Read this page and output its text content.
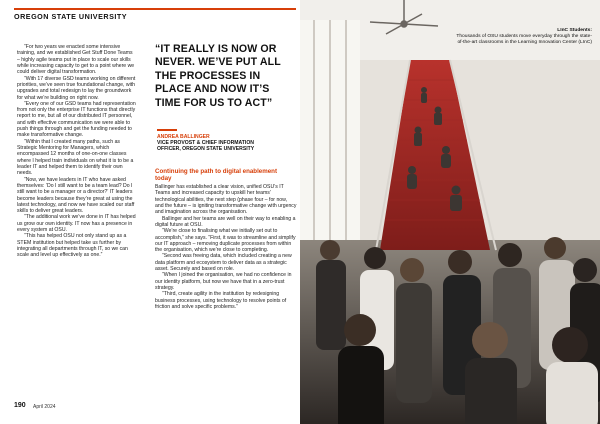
OREGON STATE UNIVERSITY

“For two years we enacted some intensive training, and we established Get Stuff Done Teams – highly agile teams put in place to scale our skills while increasing capacity to get to a point where we could deliver digital transformation.

“With 17 diverse GSD teams working on different priorities, we’ve seen true foundational change, with upgrades and total redesign to lay the groundwork for what we’re building on right now.

“Every one of our GSD teams had representation from not only the enterprise IT functions that directly report to me, but all of our distributed IT personnel, and with effective communication we were able to push things through and get the funding needed to make transformative change.

“Within that I created many paths, such as Strategic Mentoring for Managers, which encompassed 12 months of one-on-one classes where I helped train individuals on what it is to be a leader IT and helped them to identify their own needs.

“Now, we have leaders in IT who have asked themselves: ‘Do I still want to be a team lead? Do I still want to be a manager or a director?’ IT leaders become leaders because they’re great at using the latest technology, and now we have scaled our staff skills to deliver great leaders.

“The additional work we’ve done in IT has helped us grow our own identity. IT now has a presence in every system at OSU.

“This has helped OSU not only stand up as a STEM institution but helped take us further by integrating all departments through IT, so we can scale and level up effectively as one.”

“IT REALLY IS NOW OR NEVER. WE’VE PUT ALL THE PROCESSES IN PLACE AND NOW IT’S TIME FOR US TO ACT”
ANDREA BALLINGER
VICE PROVOST & CHIEF INFORMATION OFFICER, OREGON STATE UNIVERSITY
Continuing the path to digital enablement today

Ballinger has established a clear vision, unified OSU’s IT Teams and increased capacity to upskill her teams’ technological abilities, the next step (phase four – for now, and the future – is igniting transformative change with urgency and imagination across the organisation.

Ballinger and her teams are well on their way to enabling a digital future at OSU.

“We’re close to finalising what we initially set out to accomplish,” she says. “First, it was to streamline and simplify our IT approach – removing duplicate processes from within the organisation, which we’re close to completing.

“Second was freeing data, which included creating a new data platform and ecosystem to deliver data as a strategic asset. Securely and based on role.

“When I joined the organisation, we had no confidence in our identity platform, but now we have that in a zero-trust strategy.

“Third, create agility in the institution by redesigning business processes, using technology to resolve points of friction and solve specific problems.”

190 April 2024
LInC Students:
Thousands of OSU students move everyday through the state-of-the-art classrooms in the Learning Innovation Center (LInC)
